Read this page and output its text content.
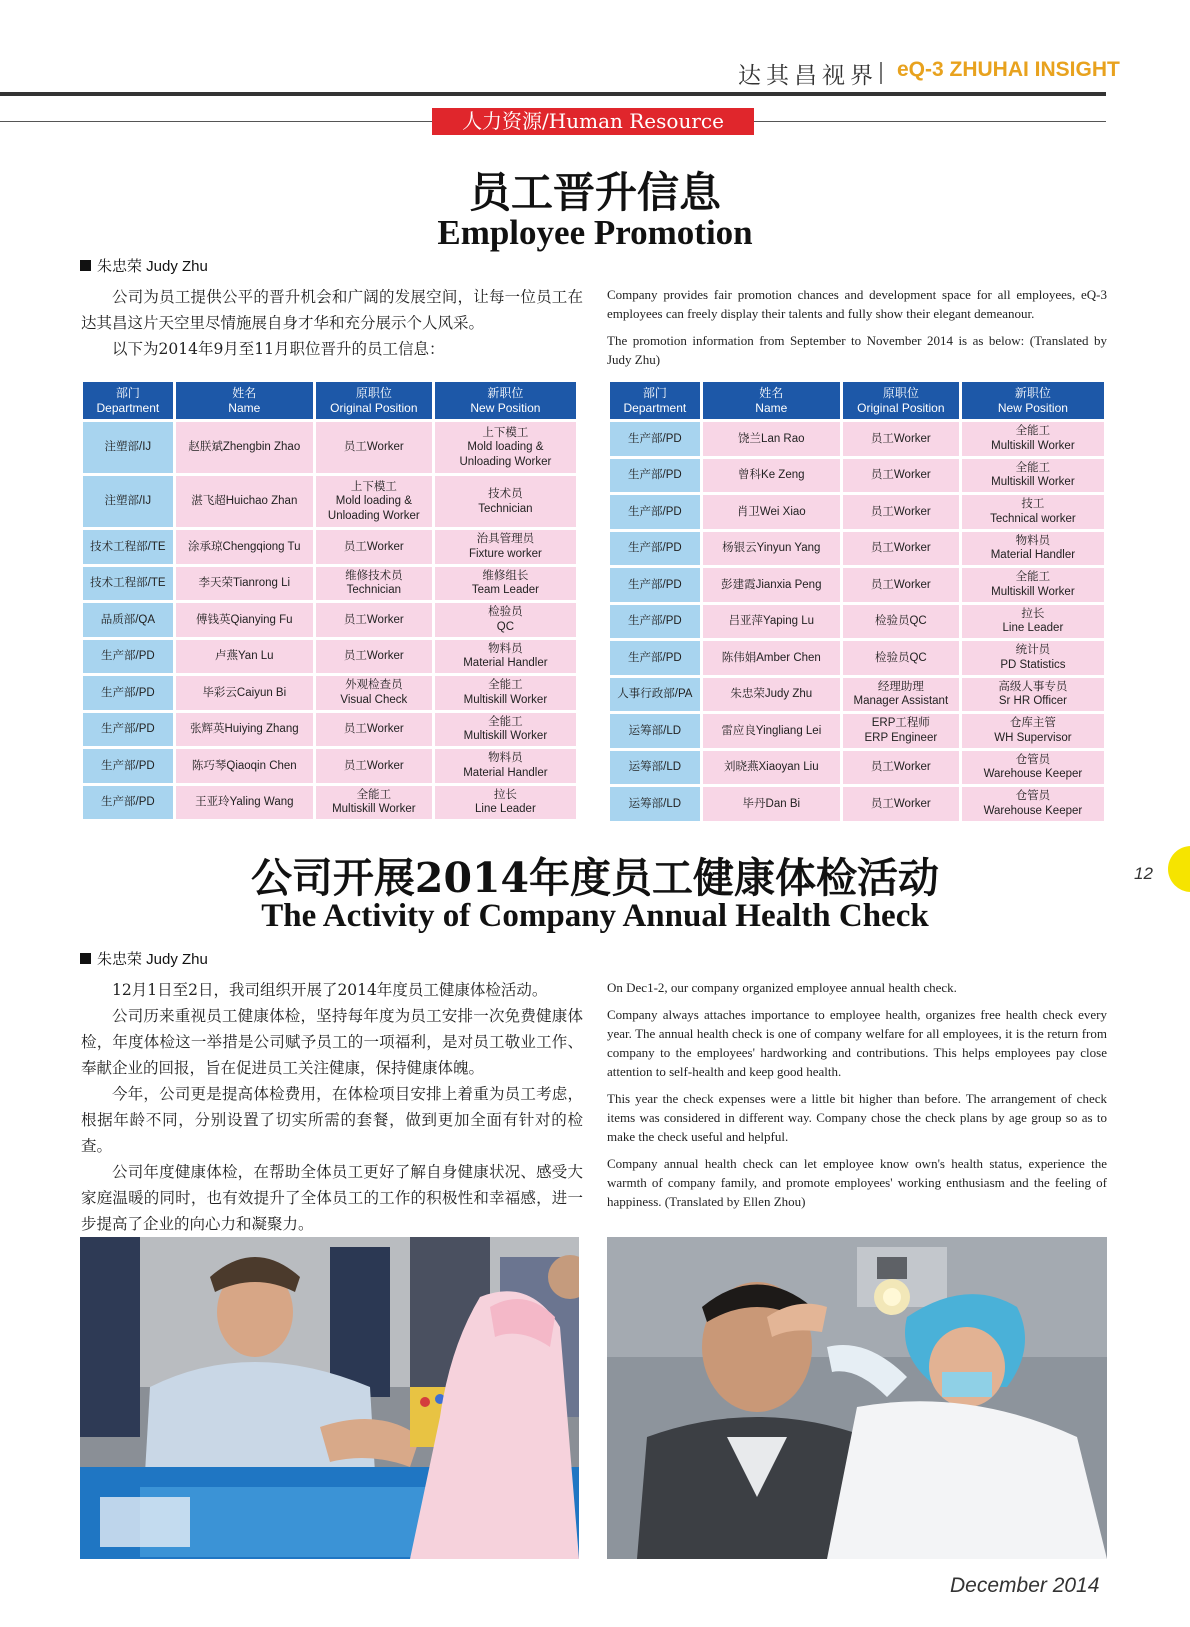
达其昌视界 eQ-3 ZHUHAI INSIGHT
人力资源/Human Resource
员工晋升信息
Employee Promotion
朱忠荣 Judy Zhu

公司为员工提供公平的晋升机会和广阔的发展空间，让每一位员工在达其昌这片天空里尽情施展自身才华和充分展示个人风采。

以下为2014年9月至11月职位晋升的员工信息：

Company provides fair promotion chances and development space for all employees, eQ-3 employees can freely display their talents and fully show their elegant demeanour.

The promotion information from September to November 2014 is as below: (Translated by Judy Zhu)

部门
Department	姓名
Name	原职位
Original Position	新职位
New Position

注塑部/IJ	赵朕斌Zhengbin Zhao	员工Worker	上下模工
Mold loading &
Unloading Worker
注塑部/IJ	湛飞超Huichao Zhan	上下模工
Mold loading &
Unloading Worker	技术员
Technician
技术工程部/TE	涂承琼Chengqiong Tu	员工Worker	治具管理员
Fixture worker
技术工程部/TE	李天荣Tianrong Li	维修技术员
Technician	维修组长
Team Leader
品质部/QA	傅钱英Qianying Fu	员工Worker	检验员
QC
生产部/PD	卢燕Yan Lu	员工Worker	物料员
Material Handler
生产部/PD	毕彩云Caiyun Bi	外观检查员
Visual Check	全能工
Multiskill Worker
生产部/PD	张辉英Huiying Zhang	员工Worker	全能工
Multiskill Worker
生产部/PD	陈巧琴Qiaoqin Chen	员工Worker	物料员
Material Handler
生产部/PD	王亚玲Yaling Wang	全能工
Multiskill Worker	拉长
Line Leader
部门
Department	姓名
Name	原职位
Original Position	新职位
New Position

生产部/PD	饶兰Lan Rao	员工Worker	全能工
Multiskill Worker
生产部/PD	曾科Ke Zeng	员工Worker	全能工
Multiskill Worker
生产部/PD	肖卫Wei Xiao	员工Worker	技工
Technical worker
生产部/PD	杨银云Yinyun Yang	员工Worker	物料员
Material Handler
生产部/PD	彭建霞Jianxia Peng	员工Worker	全能工
Multiskill Worker
生产部/PD	吕亚萍Yaping Lu	检验员QC	拉长
Line Leader
生产部/PD	陈伟娟Amber Chen	检验员QC	统计员
PD Statistics
人事行政部/PA	朱忠荣Judy Zhu	经理助理
Manager Assistant	高级人事专员
Sr HR Officer
运筹部/LD	雷应良Yingliang Lei	ERP工程师
ERP Engineer	仓库主管
WH Supervisor
运筹部/LD	刘晓燕Xiaoyan Liu	员工Worker	仓管员
Warehouse Keeper
运筹部/LD	毕丹Dan Bi	员工Worker	仓管员
Warehouse Keeper
12
公司开展2014年度员工健康体检活动
The Activity of Company Annual Health Check
朱忠荣 Judy Zhu

12月1日至2日，我司组织开展了2014年度员工健康体检活动。

公司历来重视员工健康体检，坚持每年度为员工安排一次免费健康体检，年度体检这一举措是公司赋予员工的一项福利，是对员工敬业工作、奉献企业的回报，旨在促进员工关注健康，保持健康体魄。

今年，公司更是提高体检费用，在体检项目安排上着重为员工考虑，根据年龄不同，分别设置了切实所需的套餐，做到更加全面有针对的检查。

公司年度健康体检，在帮助全体员工更好了解自身健康状况、感受大家庭温暖的同时，也有效提升了全体员工的工作的积极性和幸福感，进一步提高了企业的向心力和凝聚力。

On Dec1-2, our company organized employee annual health check.

Company always attaches importance to employee health, organizes free health check every year. The annual health check is one of company welfare for all employees, it is the return from company to the employees' hardworking and contributions. This helps employees pay close attention to self-health and keep good health.

This year the check expenses were a little bit higher than before. The arrangement of check items was considered in different way. Company chose the check plans by age group so as to make the check useful and helpful.

Company annual health check can let employee know own's health status, experience the warmth of company family, and promote employees' working enthusiasm and the feeling of happiness. (Translated by Ellen Zhou)

December 2014
